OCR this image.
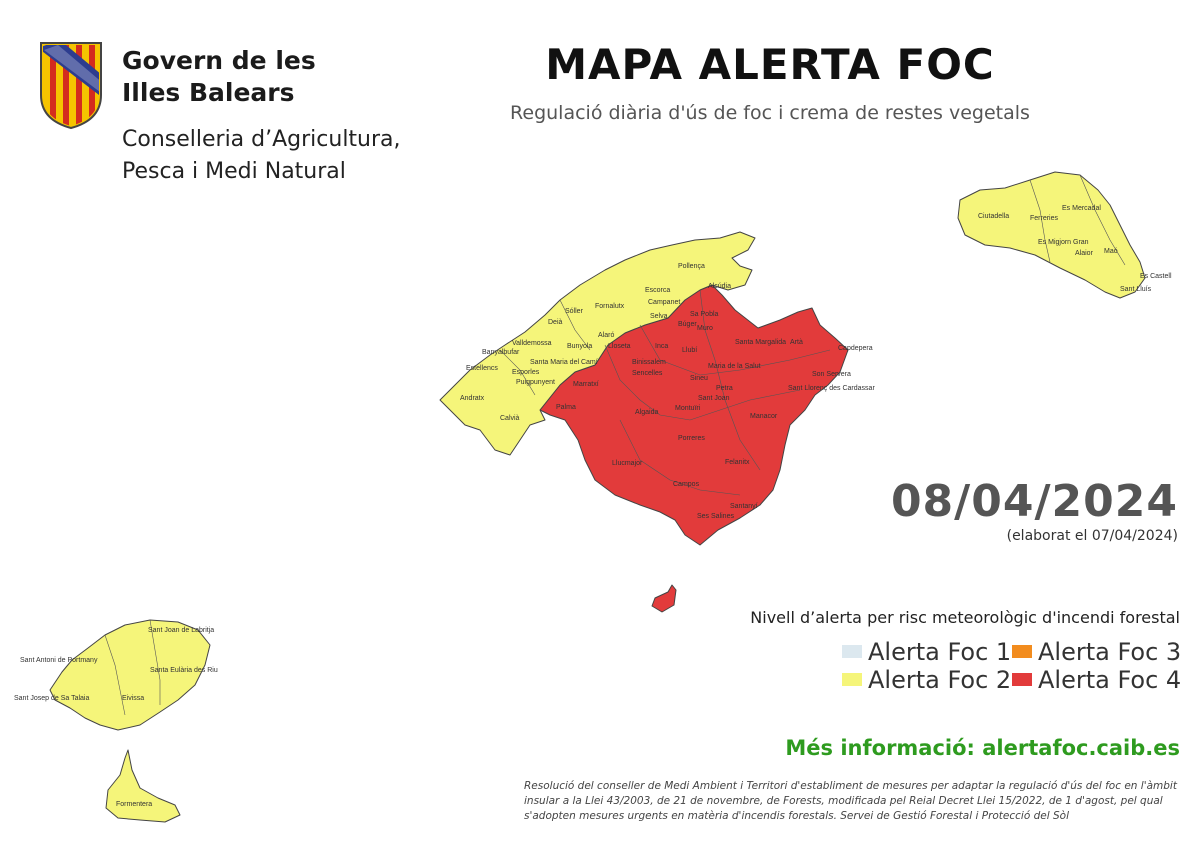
Govern de les
Illes Balears
Conselleria d’Agricultura,
Pesca i Medi Natural
MAPA ALERTA FOC
Regulació diària d'ús de foc i crema de restes vegetals
Pollença
Escorca
Alcúdia
Fornalutx
Sóller
Deià
Campanet
Selva	Sa Pobla
Búger
Muro
Alaró
Valldemossa Bunyola Lloseta	Inca
Llubí
Santa Margalida Artà
Capdepera
Banyalbufar
Santa Maria del Camí	Binissalem
Maria de la Salut
Son Servera
Estellencs
Esporles	Sencelles
Sineu
Sant Llorenç des Cardassar
Puigpunyent	Marratxí
Petra
Sant Joan
Andratx
Palma
Algaida
Montuïri
Manacor
Calvià
Porreres
Llucmajor	Felanitx
Campos
Santanyí
Ses Salines
Ciutadella
Es Mercadal
Ferreries
Es Migjorn Gran
Alaior Maó
Es Castell
Sant Lluís
Sant Joan de Labritja
Sant Antoni de Portmany
Santa Eulària des Riu
Sant Josep de Sa Talaia	Eivissa
Formentera
08/04/2024
(elaborat el 07/04/2024)
Nivell d’alerta per risc meteorològic d'incendi forestal
Alerta Foc 1	Alerta Foc 3
Alerta Foc 2	Alerta Foc 4
Més informació: alertafoc.caib.es
Resolució del conseller de Medi Ambient i Territori d'establiment de mesures per adaptar la regulació d'ús del foc en l'àmbit insular a la Llei 43/2003, de 21 de novembre, de Forests, modificada pel Reial Decret Llei 15/2022, de 1 d'agost, pel qual s'adopten mesures urgents en matèria d'incendis forestals. Servei de Gestió Forestal i Protecció del Sòl
